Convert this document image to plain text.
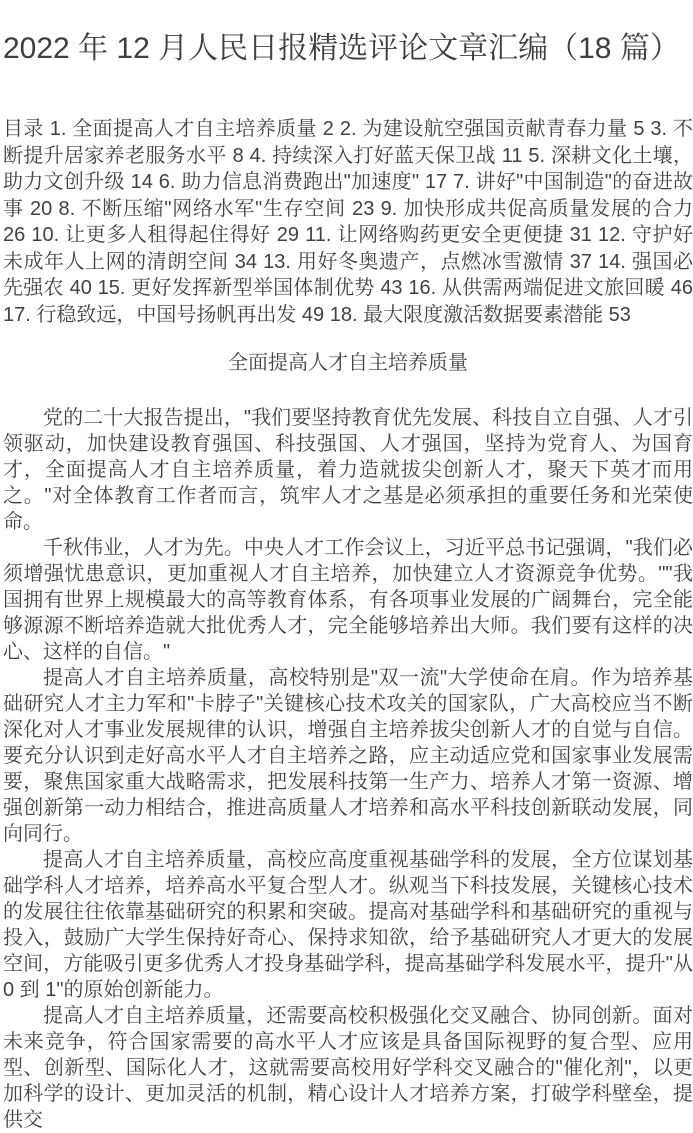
2022 年 12 月人民日报精选评论文章汇编（18 篇）

目录 1. 全面提高人才自主培养质量 2 2. 为建设航空强国贡献青春力量 5 3. 不断提升居家养老服务水平 8 4. 持续深入打好蓝天保卫战 11 5. 深耕文化土壤，助力文创升级 14 6. 助力信息消费跑出"加速度" 17 7. 讲好"中国制造"的奋进故事 20 8. 不断压缩"网络水军"生存空间 23 9. 加快形成共促高质量发展的合力 26 10. 让更多人租得起住得好 29 11. 让网络购药更安全更便捷 31 12. 守护好未成年人上网的清朗空间 34 13. 用好冬奥遗产，点燃冰雪激情 37 14. 强国必先强农 40 15. 更好发挥新型举国体制优势 43 16. 从供需两端促进文旅回暖 46 17. 行稳致远，中国号扬帆再出发 49 18. 最大限度激活数据要素潜能 53

全面提高人才自主培养质量

党的二十大报告提出，"我们要坚持教育优先发展、科技自立自强、人才引领驱动，加快建设教育强国、科技强国、人才强国，坚持为党育人、为国育才，全面提高人才自主培养质量，着力造就拔尖创新人才，聚天下英才而用之。"对全体教育工作者而言，筑牢人才之基是必须承担的重要任务和光荣使命。

千秋伟业，人才为先。中央人才工作会议上，习近平总书记强调，"我们必须增强忧患意识，更加重视人才自主培养，加快建立人才资源竞争优势。""我国拥有世界上规模最大的高等教育体系，有各项事业发展的广阔舞台，完全能够源源不断培养造就大批优秀人才，完全能够培养出大师。我们要有这样的决心、这样的自信。"

提高人才自主培养质量，高校特别是"双一流"大学使命在肩。作为培养基础研究人才主力军和"卡脖子"关键核心技术攻关的国家队，广大高校应当不断深化对人才事业发展规律的认识，增强自主培养拔尖创新人才的自觉与自信。要充分认识到走好高水平人才自主培养之路，应主动适应党和国家事业发展需要，聚焦国家重大战略需求，把发展科技第一生产力、培养人才第一资源、增强创新第一动力相结合，推进高质量人才培养和高水平科技创新联动发展，同向同行。

提高人才自主培养质量，高校应高度重视基础学科的发展，全方位谋划基础学科人才培养，培养高水平复合型人才。纵观当下科技发展，关键核心技术的发展往往依靠基础研究的积累和突破。提高对基础学科和基础研究的重视与投入，鼓励广大学生保持好奇心、保持求知欲，给予基础研究人才更大的发展空间，方能吸引更多优秀人才投身基础学科，提高基础学科发展水平，提升"从 0 到 1"的原始创新能力。

提高人才自主培养质量，还需要高校积极强化交叉融合、协同创新。面对未来竞争，符合国家需要的高水平人才应该是具备国际视野的复合型、应用型、创新型、国际化人才，这就需要高校用好学科交叉融合的"催化剂"，以更加科学的设计、更加灵活的机制，精心设计人才培养方案，打破学科壁垒，提供交
